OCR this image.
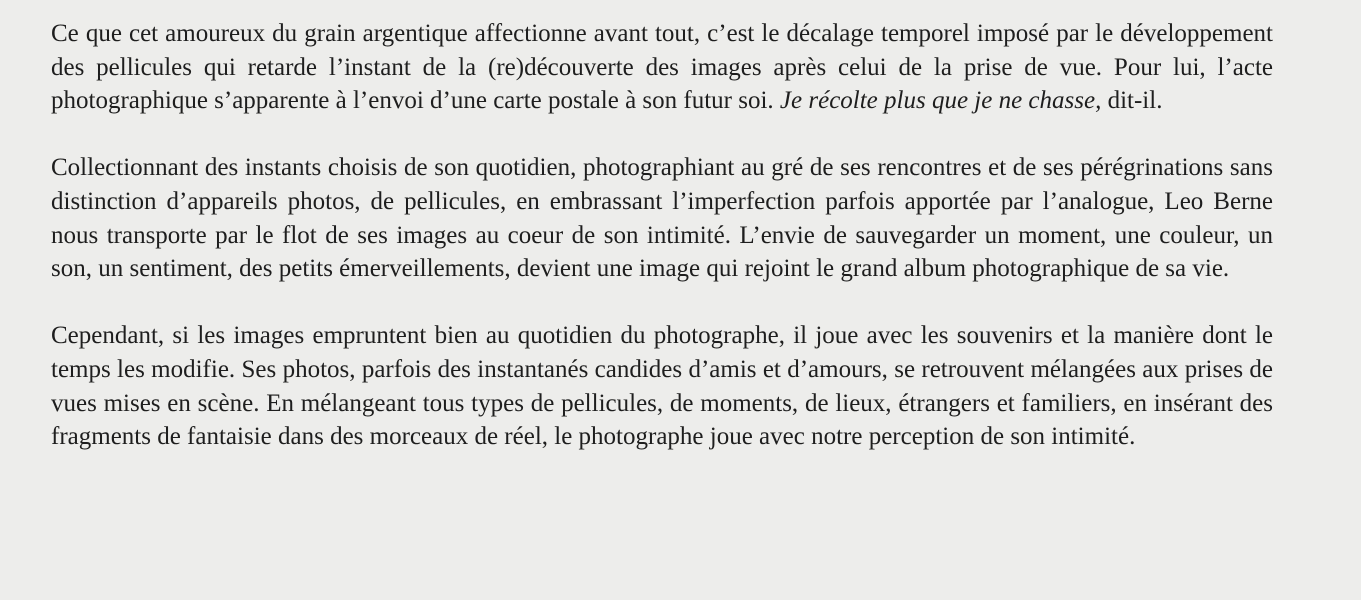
Ce que cet amoureux du grain argentique affectionne avant tout, c’est le décalage temporel imposé par le développement des pellicules qui retarde l’instant de la (re)découverte des images après celui de la prise de vue. Pour lui, l’acte photographique s’apparente à l’envoi d’une carte postale à son futur soi. Je récolte plus que je ne chasse, dit-il.

Collectionnant des instants choisis de son quotidien, photographiant au gré de ses rencontres et de ses pérégrinations sans distinction d’appareils photos, de pellicules, en embrassant l’imperfection parfois apportée par l’analogue, Leo Berne nous transporte par le flot de ses images au coeur de son intimité. L’envie de sauvegarder un moment, une couleur, un son, un sentiment, des petits émerveillements, devient une image qui rejoint le grand album photographique de sa vie.

Cependant, si les images empruntent bien au quotidien du photographe, il joue avec les souvenirs et la manière dont le temps les modifie. Ses photos, parfois des instantanés candides d’amis et d’amours, se retrouvent mélangées aux prises de vues mises en scène. En mélangeant tous types de pellicules, de moments, de lieux, étrangers et familiers, en insérant des fragments de fantaisie dans des morceaux de réel, le photographe joue avec notre perception de son intimité.
